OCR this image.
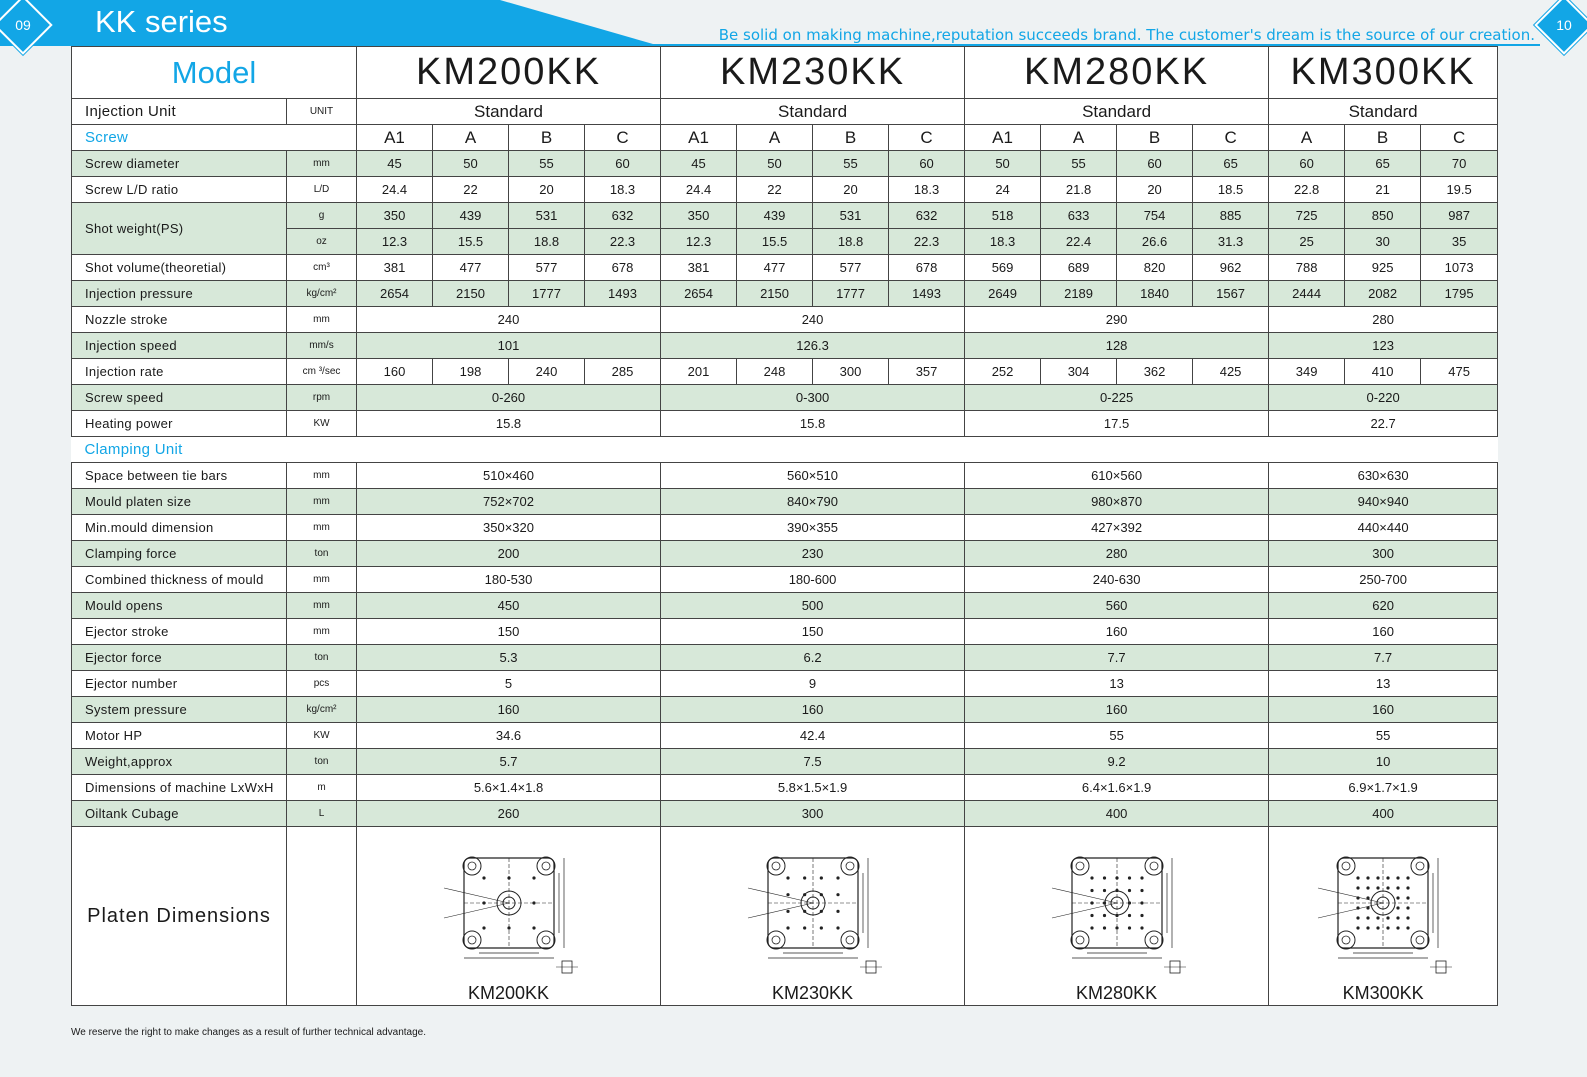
09	10
KK series	Be solid on making machine,reputation succeeds brand. The customer's dream is the source of our creation.
Model		KM200KK				KM230KK				KM280KK				KM300KK		
Injection Unit	UNIT	Standard				Standard				Standard				Standard		
Screw		A1	A	B	C	A1	A	B	C	A1	A	B	C	A	B	C
Screw diameter	mm	45	50	55	60	45	50	55	60	50	55	60	65	60	65	70
Screw L/D ratio	L/D	24.4	22	20	18.3	24.4	22	20	18.3	24	21.8	20	18.5	22.8	21	19.5
Shot weight(PS)	g	350	439	531	632	350	439	531	632	518	633	754	885	725	850	987
	oz	12.3	15.5	18.8	22.3	12.3	15.5	18.8	22.3	18.3	22.4	26.6	31.3	25	30	35
Shot volume(theoretial)	cm³	381	477	577	678	381	477	577	678	569	689	820	962	788	925	1073
Injection pressure	kg/cm²	2654	2150	1777	1493	2654	2150	1777	1493	2649	2189	1840	1567	2444	2082	1795
Nozzle stroke	mm	240				240				290				280		
Injection speed	mm/s	101				126.3				128				123		
Injection rate	cm ³/sec	160	198	240	285	201	248	300	357	252	304	362	425	349	410	475
Screw speed	rpm	0-260				0-300				0-225				0-220		
Heating power	KW	15.8				15.8				17.5				22.7		
Clamping Unit																
Space between tie bars	mm	510×460				560×510				610×560				630×630		
Mould platen size	mm	752×702				840×790				980×870				940×940		
Min.mould dimension	mm	350×320				390×355				427×392				440×440		
Clamping force	ton	200				230				280				300		
Combined thickness of mould	mm	180-530				180-600				240-630				250-700		
Mould opens	mm	450				500				560				620		
Ejector stroke	mm	150				150				160				160		
Ejector force	ton	5.3				6.2				7.7				7.7		
Ejector number	pcs	5				9				13				13		
System pressure	kg/cm²	160				160				160				160		
Motor HP	KW	34.6				42.4				55				55		
Weight,approx	ton	5.7				7.5				9.2				10		
Dimensions of machine LxWxH	m	5.6×1.4×1.8				5.8×1.5×1.9				6.4×1.6×1.9				6.9×1.7×1.9		
Oiltank Cubage	L	260				300				400				400		
Platen Dimensions		KM200KK				KM230KK				KM280KK				KM300KK		
We reserve the right to make changes as a result of further technical advantage.
